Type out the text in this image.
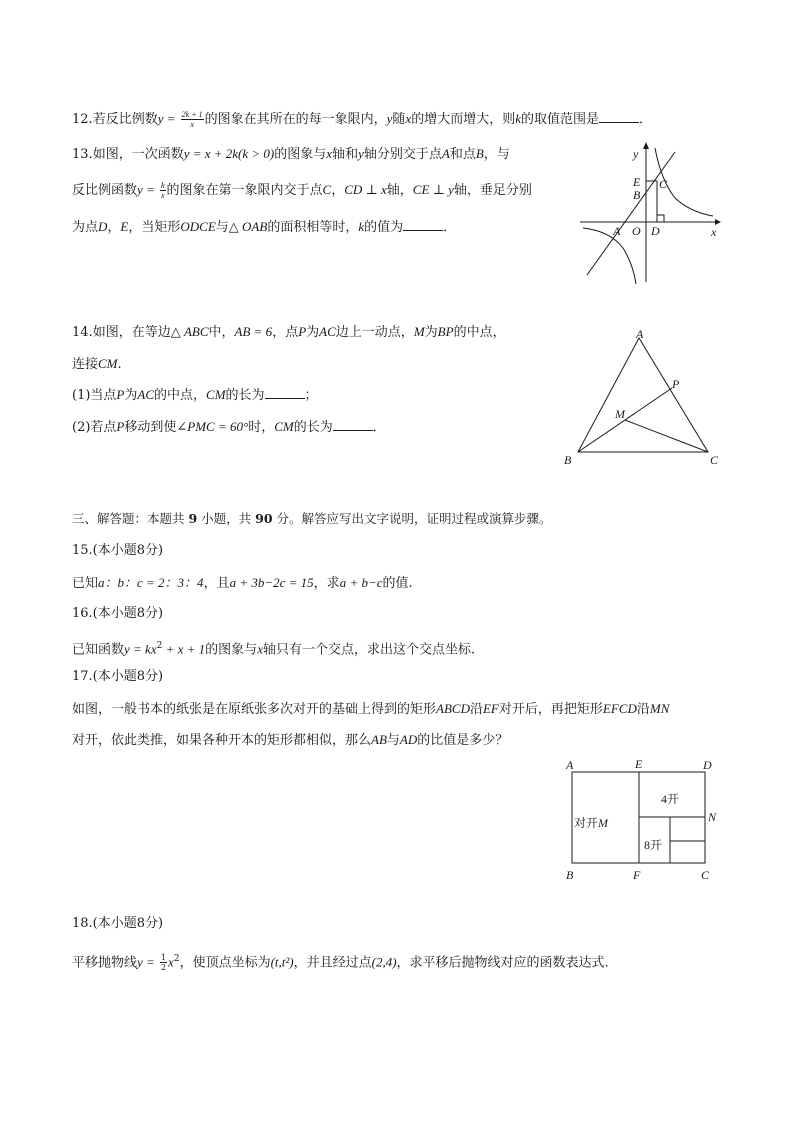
12.若反比例数$y = \frac{2k + 1}{x}$ 的图象在其所在的每一象限内，y随x的增大而增大，则k的取值范围是	．
13.如图，一次函数y = x + 2k(k > 0)的图象与x轴和y轴分别交于点A和点B，与
反比例函数$y = \frac{k}{x}$ 的图象在第一象限内交于点C，CD ⊥ x轴，CE ⊥ y轴，垂足分别
为点D，E，当矩形ODCE与△ OAB的面积相等时，k的值为	．
y
x
E
B
C
A O D
14.如图，在等边△ ABC中，AB = 6，点P为AC边上一动点，M为BP的中点，
连接CM.
(1)当点P为AC的中点，CM的长为	；
(2)若点P移动到使∠PMC = 60°时，CM的长为	．
A
B	C
P
M
三、解答题：本题共 9 小题，共 90 分。解答应写出文字说明，证明过程或演算步骤。
15.(本小题8分)
已知a：b：c = 2：3：4，且a + 3b−2c = 15，求a + b−c的值.
16.(本小题8分)
已知函数$y = kx^2 + x + 1$的图象与x轴只有一个交点，求出这个交点坐标.
17.(本小题8分)
如图，一般书本的纸张是在原纸张多次对开的基础上得到的矩形ABCD沿EF对开后，再把矩形EFCD沿MN
对开，依此类推，如果各种开本的矩形都相似，那么AB与AD的比值是多少？
A	E	D
N
B	F	C
对开M
4开
8开
18.(本小题8分)
平移抛物线$y = \frac{1}{2} x^2$，使顶点坐标为(t,t²)，并且经过点(2,4)，求平移后抛物线对应的函数表达式.
